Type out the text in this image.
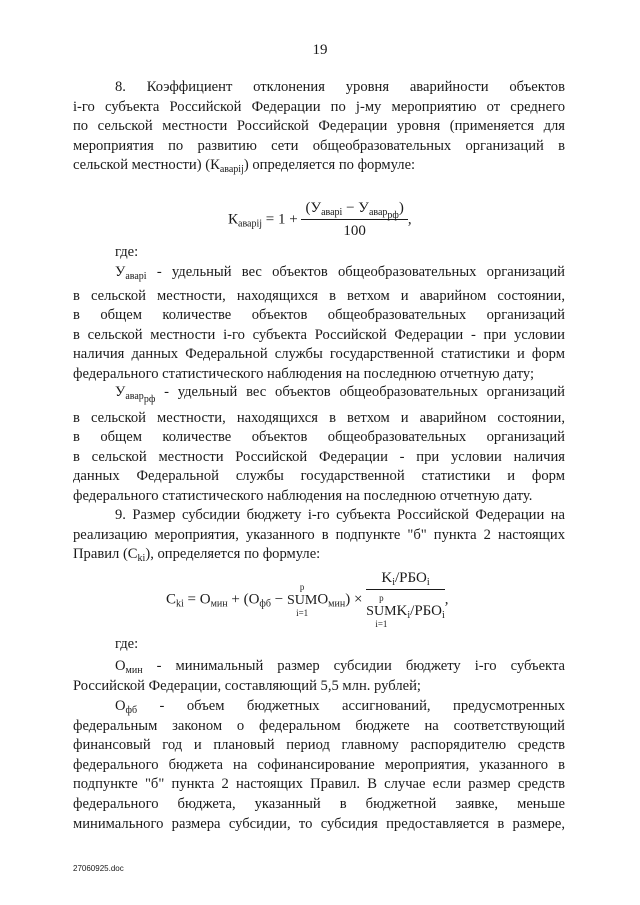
19
8. Коэффициент отклонения уровня аварийности объектов
i-го субъекта Российской Федерации по j-му мероприятию от среднего
по сельской местности Российской Федерации уровня (применяется для
мероприятия по развитию сети общеобразовательных организаций в
сельской местности) $(К_{аварij})$ определяется по формуле:
$К_{аварij} = 1 + \frac{(У_{аварi} - У_{авар_{рф}})}{100}$ ,
где:
$У_{аварi}$ - удельный вес объектов общеобразовательных организаций
в сельской местности, находящихся в ветхом и аварийном состоянии,
в общем количестве объектов общеобразовательных организаций
в сельской местности i-го субъекта Российской Федерации - при условии
наличия данных Федеральной службы государственной статистики и форм
федерального статистического наблюдения на последнюю отчетную дату;
$У_{авар_{рф}}$ - удельный вес объектов общеобразовательных организаций
в сельской местности, находящихся в ветхом и аварийном состоянии,
в общем количестве объектов общеобразовательных организаций
в сельской местности Российской Федерации - при условии наличия
данных Федеральной службы государственной статистики и форм
федерального статистического наблюдения на последнюю отчетную дату.
9. Размер субсидии бюджету i-го субъекта Российской Федерации на
реализацию мероприятия, указанного в подпункте "б" пункта 2 настоящих
Правил $(С_{ki})$, определяется по формуле:
$С_{ki} = О_{мин} + (О_{фб}$ −
p
SUM
i=1
$О_{мин}) \times K_i/РБО_i$
p
SUM
i=1
$K_i/РБО_i$ ,
где:
$О_{мин}$ - минимальный размер субсидии бюджету i-го субъекта
Российской Федерации, составляющий 5,5 млн. рублей;
$О_{фб}$ - объем бюджетных ассигнований, предусмотренных
федеральным законом о федеральном бюджете на соответствующий
финансовый год и плановый период главному распорядителю средств
федерального бюджета на софинансирование мероприятия, указанного в
подпункте "б" пункта 2 настоящих Правил. В случае если размер средств
федерального бюджета, указанный в бюджетной заявке, меньше
минимального размера субсидии, то субсидия предоставляется в размере,
27060925.doc
